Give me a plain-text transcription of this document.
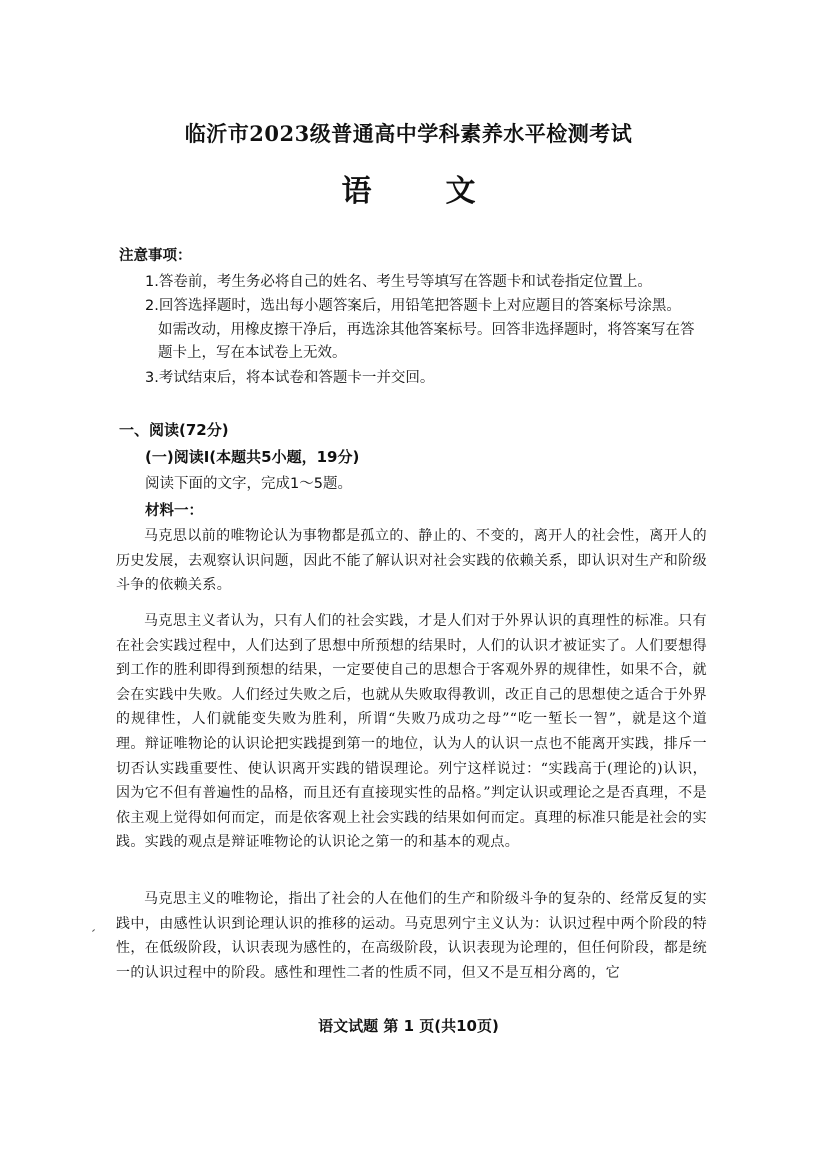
临沂市2023级普通高中学科素养水平检测考试
语　文
注意事项：
1.答卷前，考生务必将自己的姓名、考生号等填写在答题卡和试卷指定位置上。
2.回答选择题时，选出每小题答案后，用铅笔把答题卡上对应题目的答案标号涂黑。
如需改动，用橡皮擦干净后，再选涂其他答案标号。回答非选择题时，将答案写在答题卡上，写在本试卷上无效。
3.考试结束后，将本试卷和答题卡一并交回。
一、阅读(72分)
(一)阅读Ⅰ(本题共5小题，19分)
阅读下面的文字，完成1～5题。
材料一：
马克思以前的唯物论认为事物都是孤立的、静止的、不变的，离开人的社会性，离开人的历史发展，去观察认识问题，因此不能了解认识对社会实践的依赖关系，即认识对生产和阶级斗争的依赖关系。
马克思主义者认为，只有人们的社会实践，才是人们对于外界认识的真理性的标准。只有在社会实践过程中，人们达到了思想中所预想的结果时，人们的认识才被证实了。人们要想得到工作的胜利即得到预想的结果，一定要使自己的思想合于客观外界的规律性，如果不合，就会在实践中失败。人们经过失败之后，也就从失败取得教训，改正自己的思想使之适合于外界的规律性，人们就能变失败为胜利，所谓“失败乃成功之母”“吃一堑长一智”，就是这个道理。辩证唯物论的认识论把实践提到第一的地位，认为人的认识一点也不能离开实践，排斥一切否认实践重要性、使认识离开实践的错误理论。列宁这样说过：“实践高于(理论的)认识，因为它不但有普遍性的品格，而且还有直接现实性的品格。”判定认识或理论之是否真理，不是依主观上觉得如何而定，而是依客观上社会实践的结果如何而定。真理的标准只能是社会的实践。实践的观点是辩证唯物论的认识论之第一的和基本的观点。
马克思主义的唯物论，指出了社会的人在他们的生产和阶级斗争的复杂的、经常反复的实践中，由感性认识到论理认识的推移的运动。马克思列宁主义认为：认识过程中两个阶段的特性，在低级阶段，认识表现为感性的，在高级阶段，认识表现为论理的，但任何阶段，都是统一的认识过程中的阶段。感性和理性二者的性质不同，但又不是互相分离的，它
语文试题 第 1 页(共10页)
